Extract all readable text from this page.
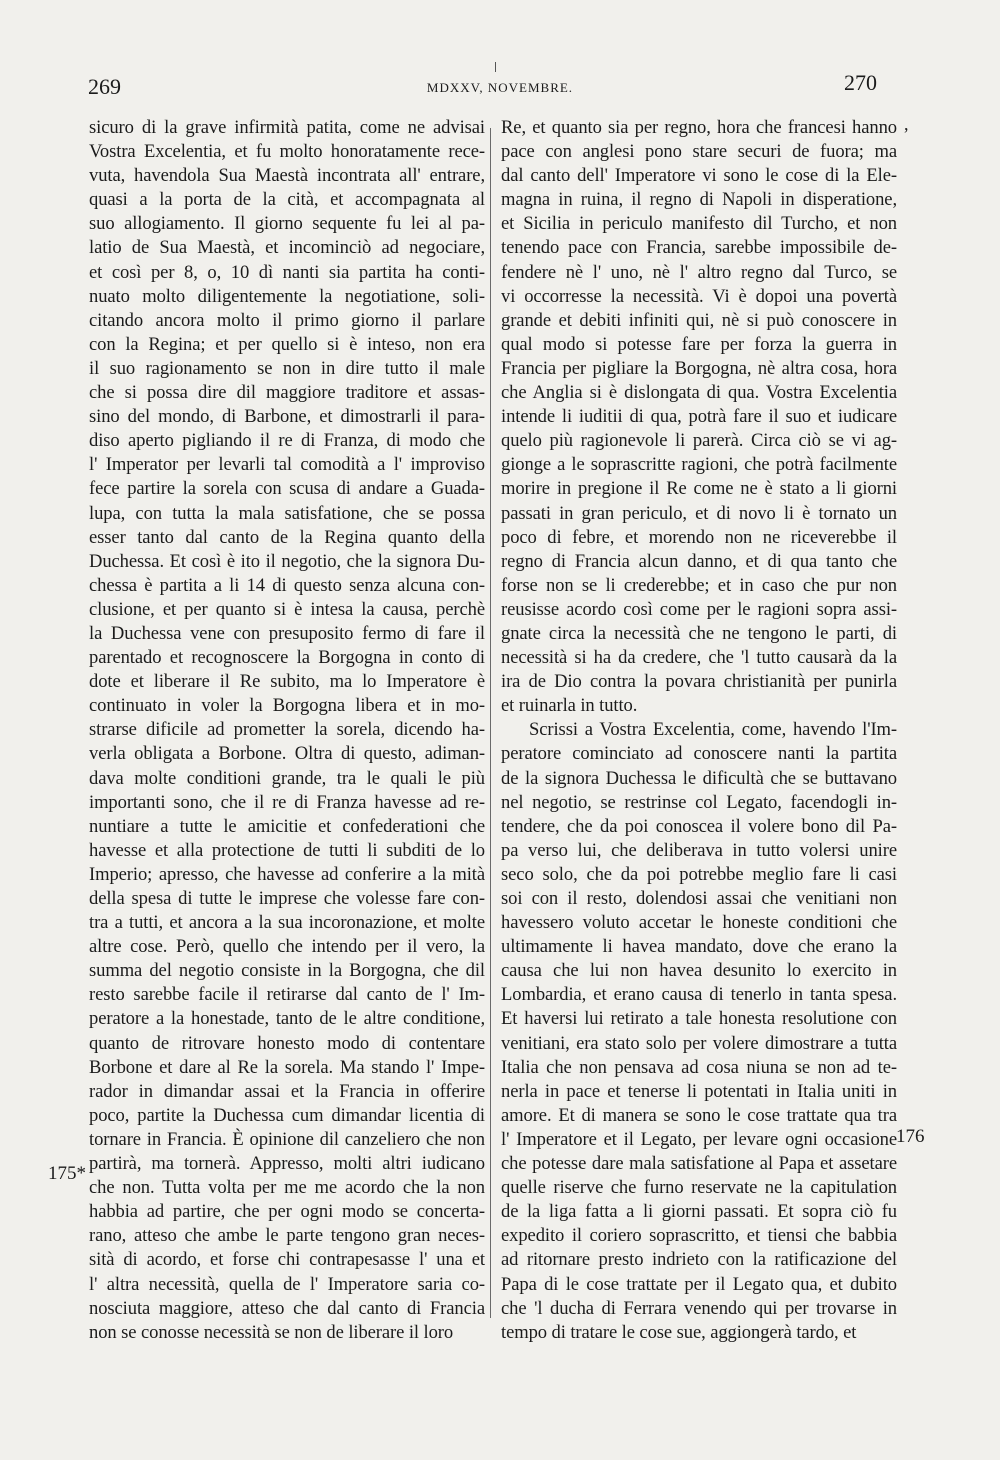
269	MDXXV, NOVEMBRE.	270
,
sicuro di la grave infirmità patita, come ne advisai
Vostra Excelentia, et fu molto honoratamente rece-
vuta, havendola Sua Maestà incontrata all' entrare,
quasi a la porta de la cità, et accompagnata al
suo allogiamento. Il giorno sequente fu lei al pa-
latio de Sua Maestà, et incominciò ad negociare,
et così per 8, o, 10 dì nanti sia partita ha conti-
nuato molto diligentemente la negotiatione, soli-
citando ancora molto il primo giorno il parlare
con la Regina; et per quello si è inteso, non era
il suo ragionamento se non in dire tutto il male
che si possa dire dil maggiore traditore et assas-
sino del mondo, di Barbone, et dimostrarli il para-
diso aperto pigliando il re di Franza, di modo che
l' Imperator per levarli tal comodità a l' improviso
fece partire la sorela con scusa di andare a Guada-
lupa, con tutta la mala satisfatione, che se possa
esser tanto dal canto de la Regina quanto della
Duchessa. Et così è ito il negotio, che la signora Du-
chessa è partita a li 14 di questo senza alcuna con-
clusione, et per quanto si è intesa la causa, perchè
la Duchessa vene con presuposito fermo di fare il
parentado et recognoscere la Borgogna in conto di
dote et liberare il Re subito, ma lo Imperatore è
continuato in voler la Borgogna libera et in mo-
strarse dificile ad prometter la sorela, dicendo ha-
verla obligata a Borbone. Oltra di questo, adiman-
dava molte conditioni grande, tra le quali le più
importanti sono, che il re di Franza havesse ad re-
nuntiare a tutte le amicitie et confederationi che
havesse et alla protectione de tutti li subditi de lo
Imperio; apresso, che havesse ad conferire a la mità
della spesa di tutte le imprese che volesse fare con-
tra a tutti, et ancora a la sua incoronazione, et molte
altre cose. Però, quello che intendo per il vero, la
summa del negotio consiste in la Borgogna, che dil
resto sarebbe facile il retirarse dal canto de l' Im-
peratore a la honestade, tanto de le altre conditione,
quanto de ritrovare honesto modo di contentare
Borbone et dare al Re la sorela. Ma stando l' Impe-
rador in dimandar assai et la Francia in offerire
poco, partite la Duchessa cum dimandar licentia di
tornare in Francia. È opinione dil canzeliero che non
partirà, ma tornerà. Appresso, molti altri iudicano
che non. Tutta volta per me me acordo che la non
habbia ad partire, che per ogni modo se concerta-
rano, atteso che ambe le parte tengono gran neces-
sità di acordo, et forse chi contrapesasse l' una et
l' altra necessità, quella de l' Imperatore saria co-
nosciuta maggiore, atteso che dal canto di Francia
non se conosse necessità se non de liberare il loro
Re, et quanto sia per regno, hora che francesi hanno
pace con anglesi pono stare securi de fuora; ma
dal canto dell' Imperatore vi sono le cose di la Ele-
magna in ruina, il regno di Napoli in disperatione,
et Sicilia in periculo manifesto dil Turcho, et non
tenendo pace con Francia, sarebbe impossibile de-
fendere nè l' uno, nè l' altro regno dal Turco, se
vi occorresse la necessità. Vi è dopoi una povertà
grande et debiti infiniti qui, nè si può conoscere in
qual modo si potesse fare per forza la guerra in
Francia per pigliare la Borgogna, nè altra cosa, hora
che Anglia si è dislongata di qua. Vostra Excelentia
intende li iuditii di qua, potrà fare il suo et iudicare
quelo più ragionevole li parerà. Circa ciò se vi ag-
gionge a le soprascritte ragioni, che potrà facilmente
morire in pregione il Re come ne è stato a li giorni
passati in gran periculo, et di novo li è tornato un
poco di febre, et morendo non ne riceverebbe il
regno di Francia alcun danno, et di qua tanto che
forse non se li crederebbe; et in caso che pur non
reusisse acordo così come per le ragioni sopra assi-
gnate circa la necessità che ne tengono le parti, di
necessità si ha da credere, che 'l tutto causarà da la
ira de Dio contra la povara christianità per punirla
et ruinarla in tutto.
Scrissi a Vostra Excelentia, come, havendo l'Im-
peratore cominciato ad conoscere nanti la partita
de la signora Duchessa le dificultà che se buttavano
nel negotio, se restrinse col Legato, facendogli in-
tendere, che da poi conoscea il volere bono dil Pa-
pa verso lui, che deliberava in tutto volersi unire
seco solo, che da poi potrebbe meglio fare li casi
soi con il resto, dolendosi assai che venitiani non
havessero voluto accetar le honeste conditioni che
ultimamente li havea mandato, dove che erano la
causa che lui non havea desunito lo exercito in
Lombardia, et erano causa di tenerlo in tanta spesa.
Et haversi lui retirato a tale honesta resolutione con
venitiani, era stato solo per volere dimostrare a tutta
Italia che non pensava ad cosa niuna se non ad te-
nerla in pace et tenerse li potentati in Italia uniti in
amore. Et di manera se sono le cose trattate qua tra
l' Imperatore et il Legato, per levare ogni occasione
che potesse dare mala satisfatione al Papa et assetare
quelle riserve che furno reservate ne la capitulation
de la liga fatta a li giorni passati. Et sopra ciò fu
expedito il coriero soprascritto, et tiensi che babbia
ad ritornare presto indrieto con la ratificazione del
Papa di le cose trattate per il Legato qua, et dubito
che 'l ducha di Ferrara venendo qui per trovarse in
tempo di tratare le cose sue, aggiongerà tardo, et
175*
176
